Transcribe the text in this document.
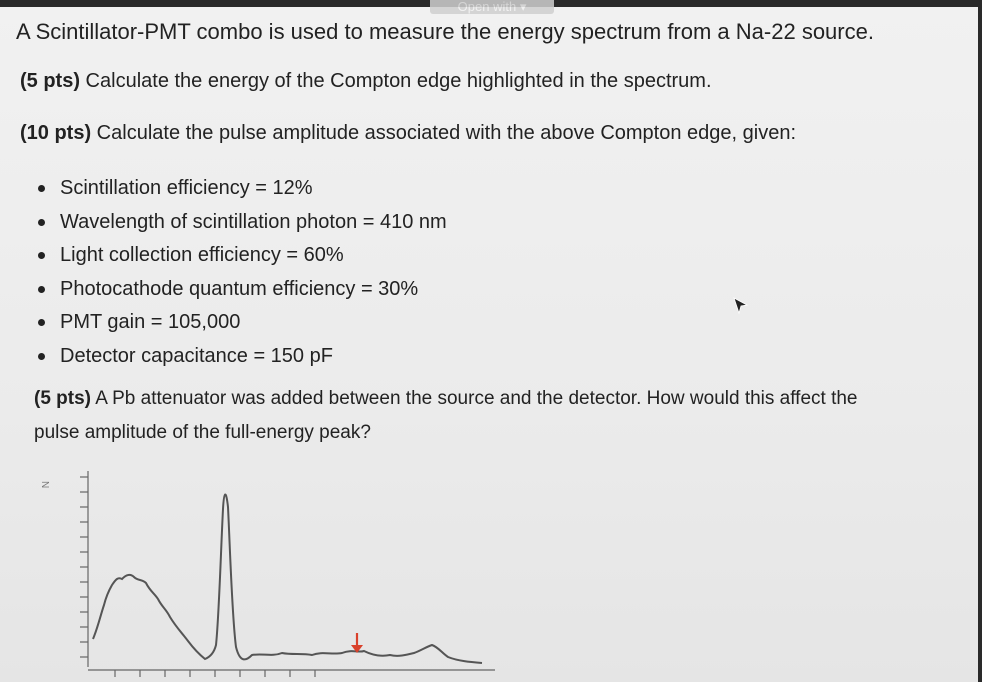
A Scintillator-PMT combo is used to measure the energy spectrum from a Na-22 source.
(5 pts) Calculate the energy of the Compton edge highlighted in the spectrum.
(10 pts) Calculate the pulse amplitude associated with the above Compton edge, given:
Scintillation efficiency = 12%
Wavelength of scintillation photon = 410 nm
Light collection efficiency = 60%
Photocathode quantum efficiency = 30%
PMT gain = 105,000
Detector capacitance = 150 pF
(5 pts) A Pb attenuator was added between the source and the detector. How would this affect the
pulse amplitude of the full-energy peak?
N
Open with ▾
